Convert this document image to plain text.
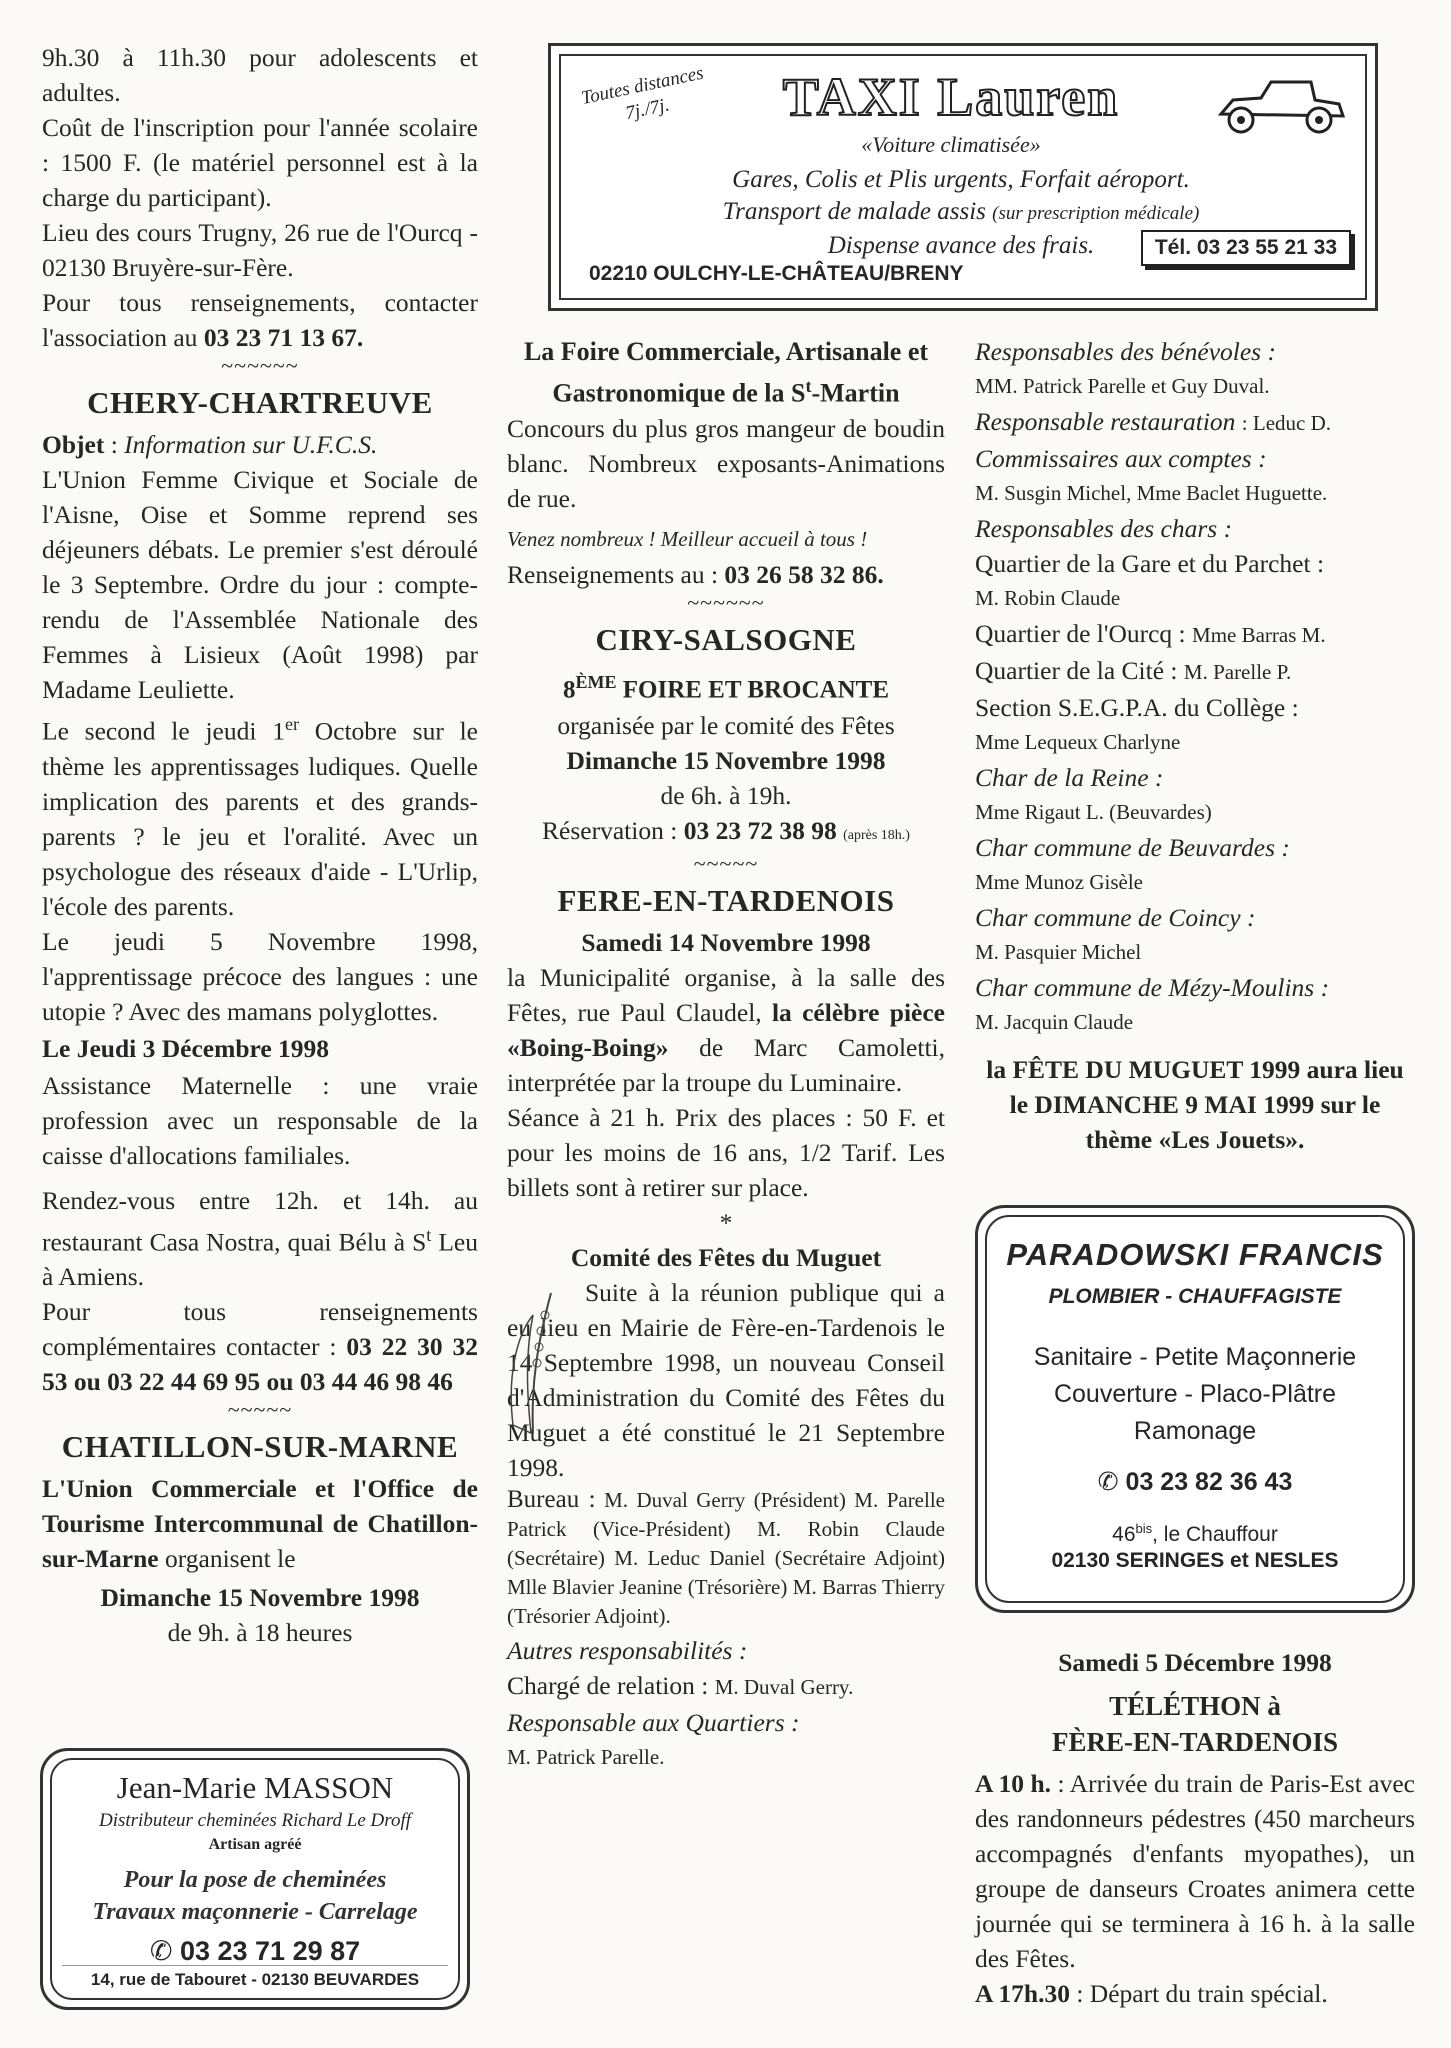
9h.30 à 11h.30 pour adolescents et adultes.

Coût de l'inscription pour l'année scolaire : 1500 F. (le matériel personnel est à la charge du participant).

Lieu des cours Trugny, 26 rue de l'Ourcq - 02130 Bruyère-sur-Fère.

Pour tous renseignements, contacter l'association au 03 23 71 13 67.

~~~~~~

CHERY-CHARTREUVE

Objet : Information sur U.F.C.S.

L'Union Femme Civique et Sociale de l'Aisne, Oise et Somme reprend ses déjeuners débats. Le premier s'est déroulé le 3 Septembre. Ordre du jour : compte-rendu de l'Assemblée Nationale des Femmes à Lisieux (Août 1998) par Madame Leuliette.

Le second le jeudi 1er Octobre sur le thème les apprentissages ludiques. Quelle implication des parents et des grands-parents ? le jeu et l'oralité. Avec un psychologue des réseaux d'aide - L'Urlip, l'école des parents.

Le jeudi 5 Novembre 1998, l'apprentissage précoce des langues : une utopie ? Avec des mamans polyglottes.

Le Jeudi 3 Décembre 1998

Assistance Maternelle : une vraie profession avec un responsable de la caisse d'allocations familiales.

Rendez-vous entre 12h. et 14h. au restaurant Casa Nostra, quai Bélu à $S^t$ Leu à Amiens.

Pour tous renseignements complémentaires contacter : 03 22 30 32 53 ou 03 22 44 69 95 ou 03 44 46 98 46

~~~~~

CHATILLON-SUR-MARNE

L'Union Commerciale et l'Office de Tourisme Intercommunal de Chatillon-sur-Marne organisent le

Dimanche 15 Novembre 1998

de 9h. à 18 heures

Toutes distances 7j./7j.	TAXI Lauren
«Voiture climatisée»
Gares, Colis et Plis urgents, Forfait aéroport.
Transport de malade assis (sur prescription médicale)
Dispense avance des frais.	Tél. 03 23 55 21 33
02210 OULCHY-LE-CHÂTEAU/BRENY

La Foire Commerciale, Artisanale et Gastronomique de la $S^t$-Martin

Concours du plus gros mangeur de boudin blanc. Nombreux exposants-Animations de rue.

Venez nombreux ! Meilleur accueil à tous !

Renseignements au : 03 26 58 32 86.

~~~~~~

CIRY-SALSOGNE

8ÈME FOIRE ET BROCANTE

organisée par le comité des Fêtes

Dimanche 15 Novembre 1998

de 6h. à 19h.

Réservation : 03 23 72 38 98 (après 18h.)

~~~~~

FERE-EN-TARDENOIS

Samedi 14 Novembre 1998

la Municipalité organise, à la salle des Fêtes, rue Paul Claudel, la célèbre pièce «Boing-Boing» de Marc Camoletti, interprétée par la troupe du Luminaire.

Séance à 21 h. Prix des places : 50 F. et pour les moins de 16 ans, 1/2 Tarif. Les billets sont à retirer sur place.

*

Comité des Fêtes du Muguet

Suite à la réunion publique qui a eu lieu en Mairie de Fère-en-Tardenois le 14 Septembre 1998, un nouveau Conseil d'Administration du Comité des Fêtes du Muguet a été constitué le 21 Septembre 1998.

Bureau : M. Duval Gerry (Président) M. Parelle Patrick (Vice-Président) M. Robin Claude (Secrétaire) M. Leduc Daniel (Secrétaire Adjoint) Mlle Blavier Jeanine (Trésorière) M. Barras Thierry (Trésorier Adjoint).

Autres responsabilités :

Chargé de relation : M. Duval Gerry.

Responsable aux Quartiers :

M. Patrick Parelle.

Responsables des bénévoles :

MM. Patrick Parelle et Guy Duval.

Responsable restauration : Leduc D.

Commissaires aux comptes :

M. Susgin Michel, Mme Baclet Huguette.

Responsables des chars :

Quartier de la Gare et du Parchet :

M. Robin Claude

Quartier de l'Ourcq : Mme Barras M.

Quartier de la Cité : M. Parelle P.

Section S.E.G.P.A. du Collège :

Mme Lequeux Charlyne

Char de la Reine :

Mme Rigaut L. (Beuvardes)

Char commune de Beuvardes :

Mme Munoz Gisèle

Char commune de Coincy :

M. Pasquier Michel

Char commune de Mézy-Moulins :

M. Jacquin Claude

la FÊTE DU MUGUET 1999 aura lieu le DIMANCHE 9 MAI 1999 sur le thème «Les Jouets».

PARADOWSKI FRANCIS
PLOMBIER - CHAUFFAGISTE
Sanitaire - Petite Maçonnerie
Couverture - Placo-Plâtre
Ramonage
✆ 03 23 82 36 43
$46^{bis}$, le Chauffour
02130 SERINGES et NESLES

Samedi 5 Décembre 1998

TÉLÉTHON à

FÈRE-EN-TARDENOIS

A 10 h. : Arrivée du train de Paris-Est avec des randonneurs pédestres (450 marcheurs accompagnés d'enfants myopathes), un groupe de danseurs Croates animera cette journée qui se terminera à 16 h. à la salle des Fêtes.

A 17h.30 : Départ du train spécial.

Jean-Marie MASSON
Distributeur cheminées Richard Le Droff
Artisan agréé
Pour la pose de cheminées
Travaux maçonnerie - Carrelage
✆ 03 23 71 29 87
14, rue de Tabouret - 02130 BEUVARDES
